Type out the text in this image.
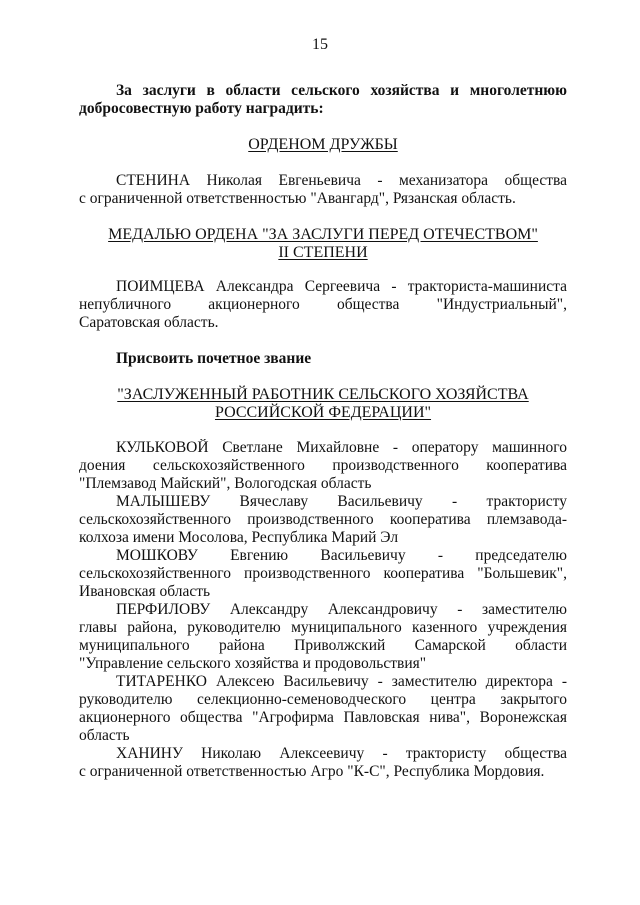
15
За заслуги в области сельского хозяйства и многолетнюю
добросовестную работу наградить:
ОРДЕНОМ ДРУЖБЫ
СТЕНИНА Николая Евгеньевича - механизатора общества
с ограниченной ответственностью "Авангард", Рязанская область.
МЕДАЛЬЮ ОРДЕНА "ЗА ЗАСЛУГИ ПЕРЕД ОТЕЧЕСТВОМ"
II СТЕПЕНИ
ПОИМЦЕВА Александра Сергеевича - тракториста-машиниста
непубличного акционерного общества "Индустриальный",
Саратовская область.
Присвоить почетное звание
"ЗАСЛУЖЕННЫЙ РАБОТНИК СЕЛЬСКОГО ХОЗЯЙСТВА
РОССИЙСКОЙ ФЕДЕРАЦИИ"
КУЛЬКОВОЙ Светлане Михайловне - оператору машинного
доения сельскохозяйственного производственного кооператива
"Племзавод Майский", Вологодская область
МАЛЫШЕВУ Вячеславу Васильевичу - трактористу
сельскохозяйственного производственного кооператива племзавода-
колхоза имени Мосолова, Республика Марий Эл
МОШКОВУ Евгению Васильевичу - председателю
сельскохозяйственного производственного кооператива "Большевик",
Ивановская область
ПЕРФИЛОВУ Александру Александровичу - заместителю
главы района, руководителю муниципального казенного учреждения
муниципального района Приволжский Самарской области
"Управление сельского хозяйства и продовольствия"
ТИТАРЕНКО Алексею Васильевичу - заместителю директора -
руководителю селекционно-семеноводческого центра закрытого
акционерного общества "Агрофирма Павловская нива", Воронежская
область
ХАНИНУ Николаю Алексеевичу - трактористу общества
с ограниченной ответственностью Агро "К-С", Республика Мордовия.
